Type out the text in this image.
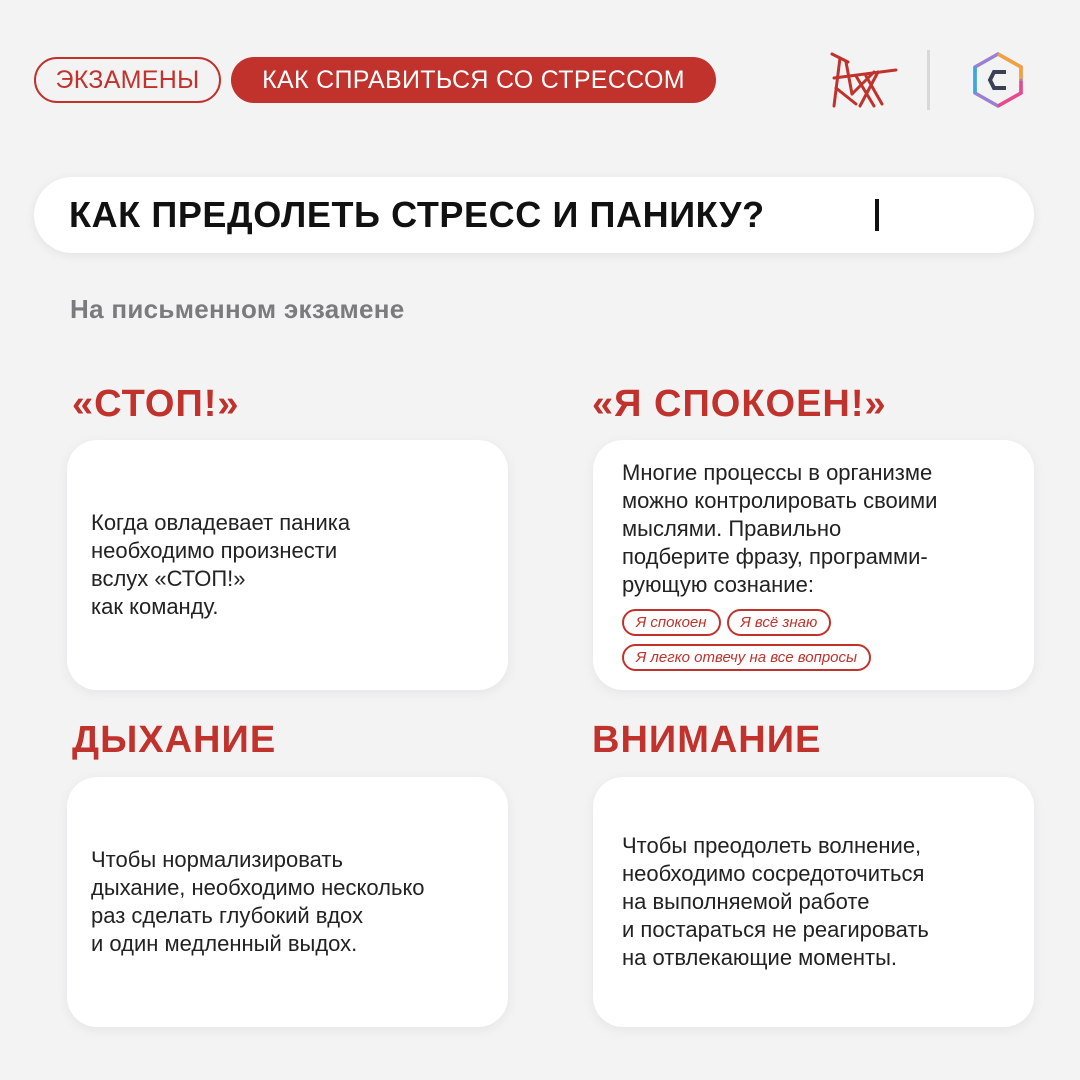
ЭКЗАМЕНЫ	КАК СПРАВИТЬСЯ СО СТРЕССОМ
КАК ПРЕДОЛЕТЬ СТРЕСС И ПАНИКУ?
На письменном экзамене
«СТОП!»	«Я СПОКОЕН!»
ДЫХАНИЕ	ВНИМАНИЕ
Когда овладевает паника
необходимо произнести
вслух «СТОП!»
как команду.
Многие процессы в организме
можно контролировать своими
мыслями. Правильно
подберите фразу, программи-
рующую сознание:
Я спокоен	Я всё знаю
Я легко отвечу на все вопросы
Чтобы нормализировать
дыхание, необходимо несколько
раз сделать глубокий вдох
и один медленный выдох.
Чтобы преодолеть волнение,
необходимо сосредоточиться
на выполняемой работе
и постараться не реагировать
на отвлекающие моменты.
